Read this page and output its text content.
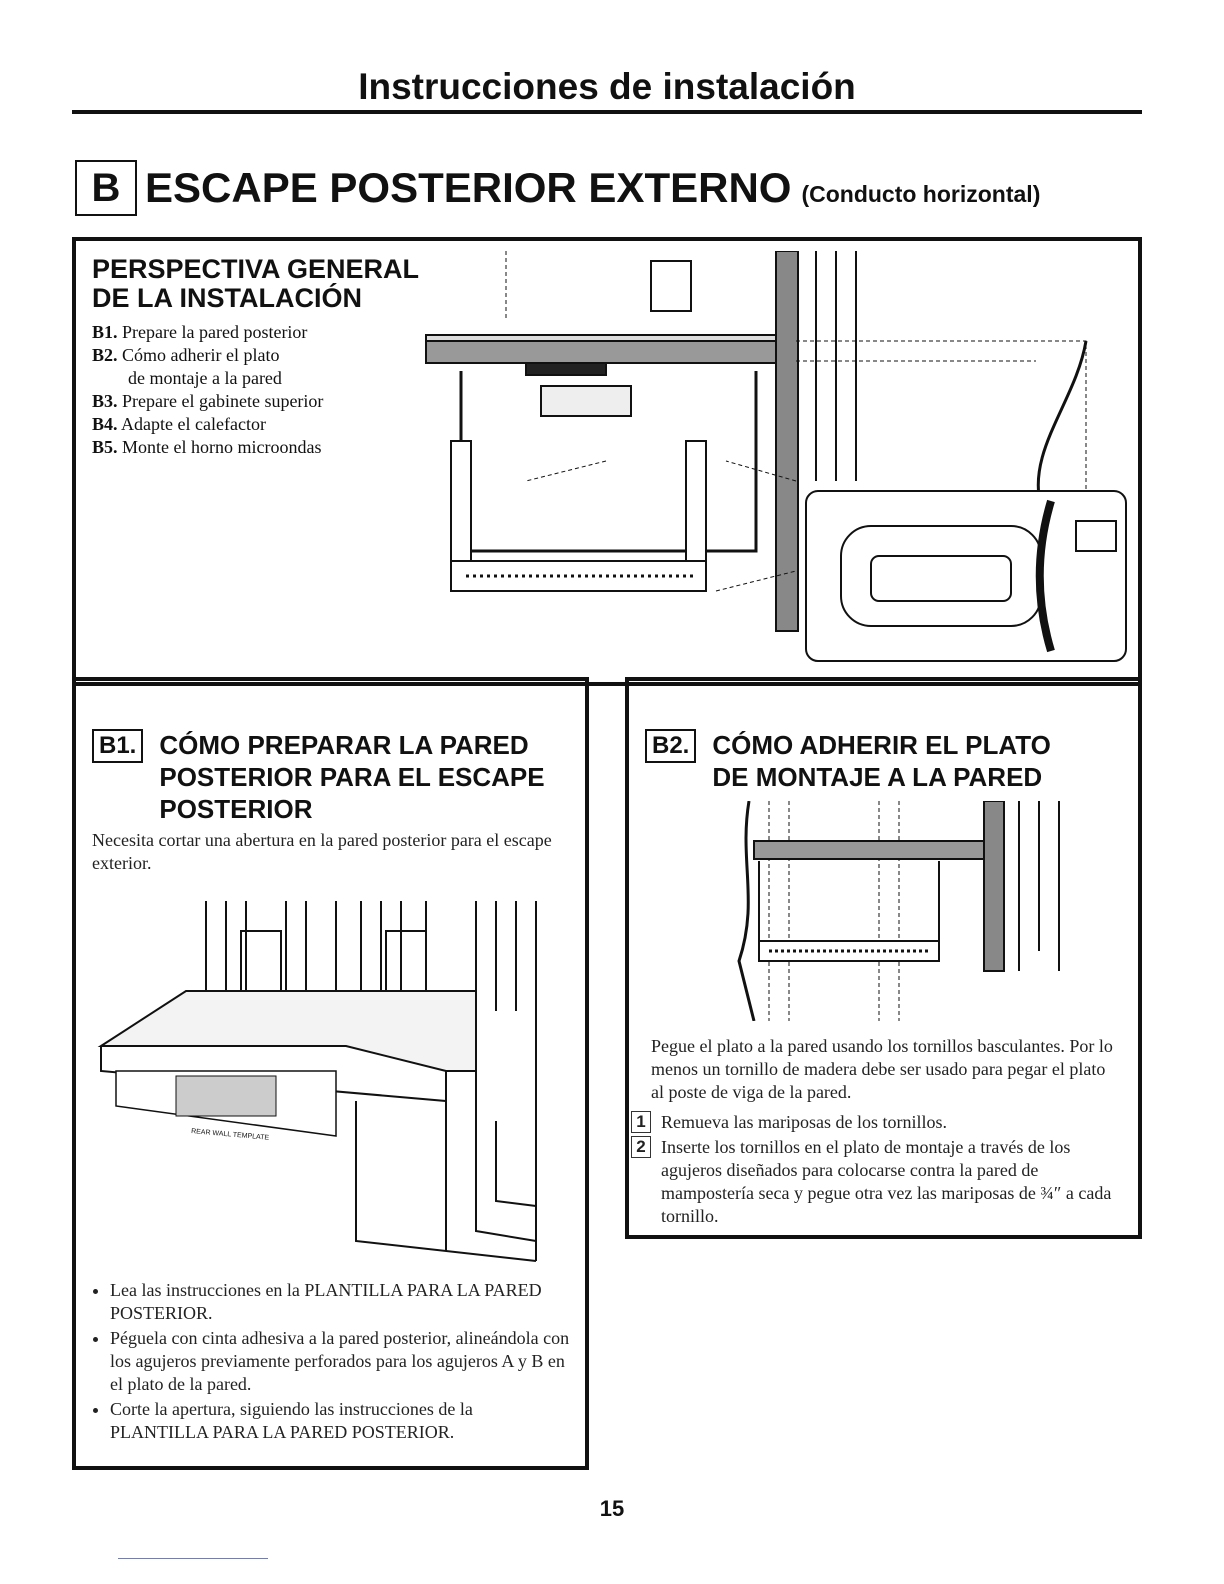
Instrucciones de instalación
B ESCAPE POSTERIOR EXTERNO (Conducto horizontal)
PERSPECTIVA GENERAL
DE LA INSTALACIÓN
B1. Prepare la pared posterior
B2. Cómo adherir el plato
de montaje a la pared
B3. Prepare el gabinete superior
B4. Adapte el calefactor
B5. Monte el horno microondas
B1. CÓMO PREPARAR LA PARED POSTERIOR PARA EL ESCAPE POSTERIOR
Necesita cortar una abertura en la pared posterior para el escape exterior.
REAR WALL TEMPLATE
• Lea las instrucciones en la PLANTILLA PARA LA PARED POSTERIOR.
• Péguela con cinta adhesiva a la pared posterior, alineándola con los agujeros previamente perforados para los agujeros A y B en el plato de la pared.
• Corte la apertura, siguiendo las instrucciones de la PLANTILLA PARA LA PARED POSTERIOR.
B2. CÓMO ADHERIR EL PLATO DE MONTAJE A LA PARED
Pegue el plato a la pared usando los tornillos basculantes. Por lo menos un tornillo de madera debe ser usado para pegar el plato al poste de viga de la pared.
1 Remueva las mariposas de los tornillos.
2 Inserte los tornillos en el plato de montaje a través de los agujeros diseñados para colocarse contra la pared de mampostería seca y pegue otra vez las mariposas de ¾″ a cada tornillo.
15
